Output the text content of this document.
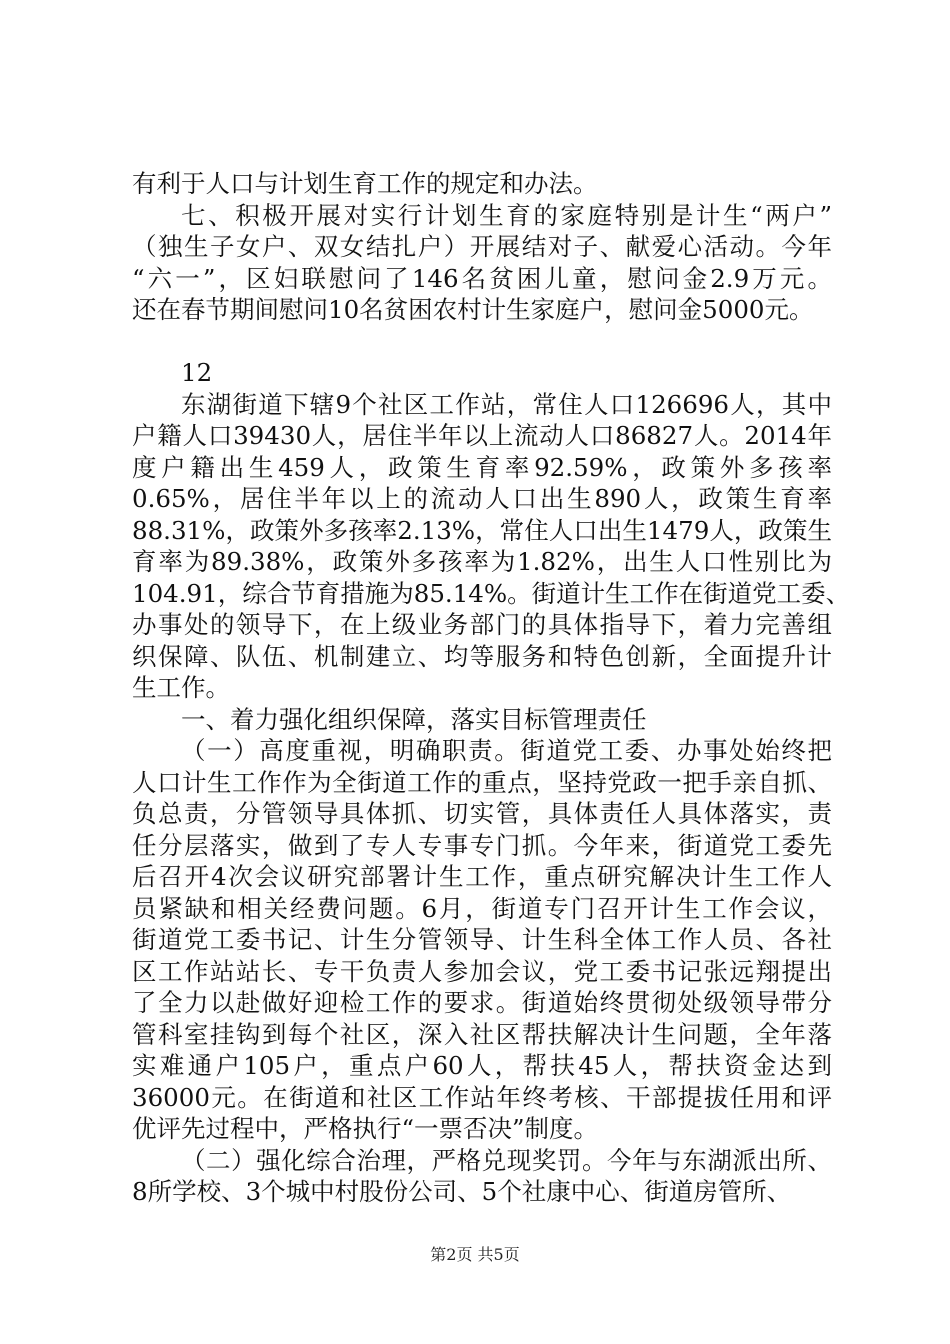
有利于人口与计划生育工作的规定和办法。
七、积极开展对实行计划生育的家庭特别是计生“两户”
（独生子女户、双女结扎户）开展结对子、献爱心活动。今年
“六一”，区妇联慰问了146名贫困儿童，慰问金2.9万元。
还在春节期间慰问10名贫困农村计生家庭户，慰问金5000元。
12
东湖街道下辖9个社区工作站，常住人口126696人，其中
户籍人口39430人，居住半年以上流动人口86827人。2014年
度户籍出生459人，政策生育率92.59%，政策外多孩率
0.65%，居住半年以上的流动人口出生890人，政策生育率
88.31%，政策外多孩率2.13%，常住人口出生1479人，政策生
育率为89.38%，政策外多孩率为1.82%，出生人口性别比为
104.91，综合节育措施为85.14%。街道计生工作在街道党工委、
办事处的领导下，在上级业务部门的具体指导下，着力完善组
织保障、队伍、机制建立、均等服务和特色创新，全面提升计
生工作。
一、着力强化组织保障，落实目标管理责任
（一）高度重视，明确职责。街道党工委、办事处始终把
人口计生工作作为全街道工作的重点，坚持党政一把手亲自抓、
负总责，分管领导具体抓、切实管，具体责任人具体落实，责
任分层落实，做到了专人专事专门抓。今年来，街道党工委先
后召开4次会议研究部署计生工作，重点研究解决计生工作人
员紧缺和相关经费问题。6月，街道专门召开计生工作会议，
街道党工委书记、计生分管领导、计生科全体工作人员、各社
区工作站站长、专干负责人参加会议，党工委书记张远翔提出
了全力以赴做好迎检工作的要求。街道始终贯彻处级领导带分
管科室挂钩到每个社区，深入社区帮扶解决计生问题，全年落
实难通户105户，重点户60人，帮扶45人，帮扶资金达到
36000元。在街道和社区工作站年终考核、干部提拔任用和评
优评先过程中，严格执行“一票否决”制度。
（二）强化综合治理，严格兑现奖罚。今年与东湖派出所、
8所学校、3个城中村股份公司、5个社康中心、街道房管所、
第2页 共5页
